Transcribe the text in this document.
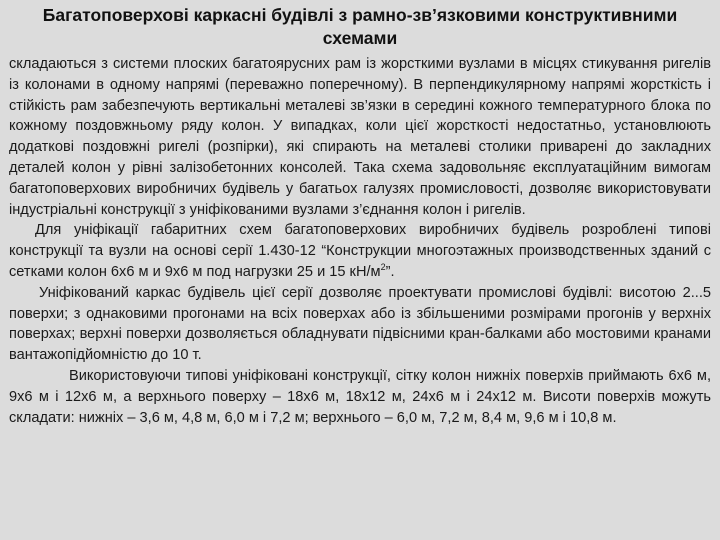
Багатоповерхові каркасні будівлі з рамно-зв’язковими конструктивними
схемами

складаються з системи плоских багатоярусних рам із жорсткими вузлами в місцях стикування ригелів із колонами в одному напрямі (переважно поперечному). В перпендикулярному напрямі жорсткість і стійкість рам забезпечують вертикальні металеві зв’язки в середині кожного температурного блока по кожному поздовжньому ряду колон. У випадках, коли цієї жорсткості недостатньо, установлюють додаткові поздовжні ригелі (розпірки), які спирають на металеві столики приварені до закладних деталей колон у рівні залізобетонних консолей. Така схема задовольняє експлуатаційним вимогам багатоповерхових виробничих будівель у багатьох галузях промисловості, дозволяє використовувати індустріальні конструкції з уніфікованими вузлами з’єднання колон і ригелів.

Для уніфікації габаритних схем багатоповерхових виробничих будівель розроблені типові конструкції та вузли на основі серії 1.430-12 “Конструкции многоэтажных производственных зданий с сетками колон 6х6 м и 9х6 м под нагрузки 25 и 15 $кН/м^2$”.

Уніфікований каркас будівель цієї серії дозволяє проектувати промислові будівлі: висотою 2...5 поверхи; з однаковими прогонами на всіх поверхах або із збільшеними розмірами прогонів у верхніх поверхах; верхні поверхи дозволяється обладнувати підвісними кран-балками або мостовими кранами вантажопідйомністю до 10 т.

Використовуючи типові уніфіковані конструкції, сітку колон нижніх поверхів приймають 6х6 м, 9х6 м і 12х6 м, а верхнього поверху – 18х6 м, 18х12 м, 24х6 м і 24х12 м. Висоти поверхів можуть складати: нижніх – 3,6 м, 4,8 м, 6,0 м і 7,2 м; верхнього – 6,0 м, 7,2 м, 8,4 м, 9,6 м і 10,8 м.
